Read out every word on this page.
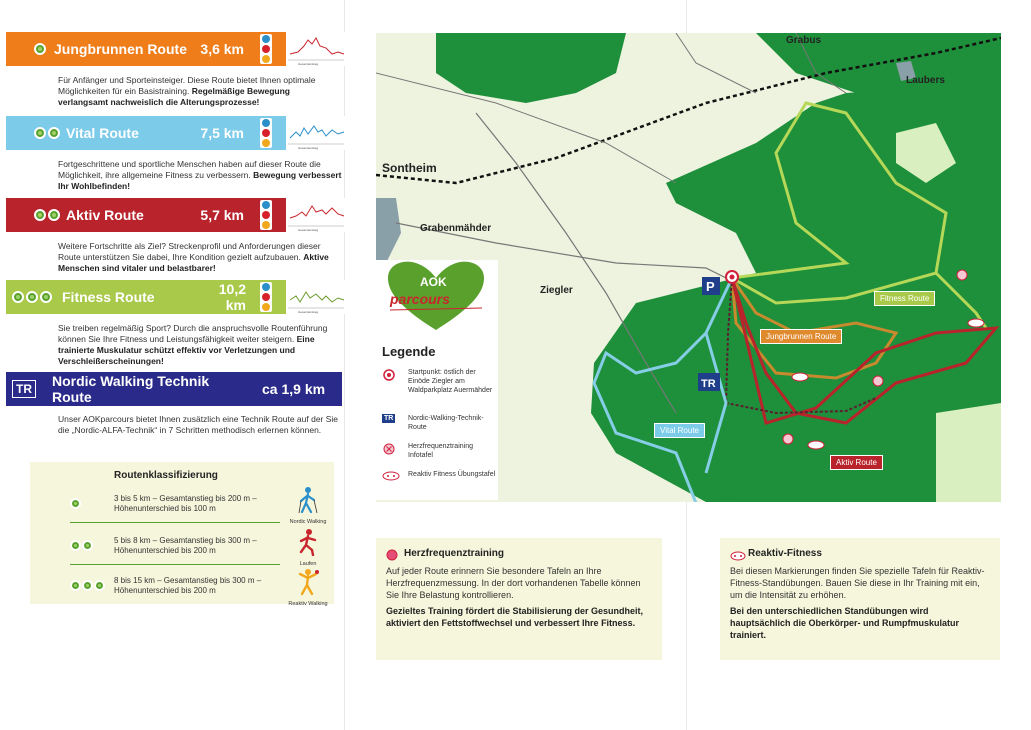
Jungbrunnen Route 3,6 km
Gesamtanstieg
Für Anfänger und Sporteinsteiger. Diese Route bietet Ihnen optimale Möglichkeiten für ein Basistraining. Regelmäßige Bewegung verlangsamt nachweislich die Alterungsprozesse!
Vital Route	7,5 km
Gesamtanstieg
Fortgeschrittene und sportliche Menschen haben auf dieser Route die Möglichkeit, ihre allgemeine Fitness zu verbessern. Bewegung verbessert Ihr Wohlbefinden!
Aktiv Route	5,7 km
Gesamtanstieg
Weitere Fortschritte als Ziel? Streckenprofil und Anforderungen dieser Route unterstützen Sie dabei, Ihre Kondition gezielt aufzubauen. Aktive Menschen sind vitaler und belastbarer!
Fitness Route	10,2 km	Gesamtanstieg
Sie treiben regelmäßig Sport? Durch die anspruchsvolle Routenführung können Sie Ihre Fitness und Leistungsfähigkeit weiter steigern. Eine trainierte Muskulatur schützt effektiv vor Verletzungen und Verschleißerscheinungen!
TR Nordic Walking Technik Route	ca 1,9 km
Unser AOKparcours bietet Ihnen zusätzlich eine Technik Route auf der Sie die „Nordic-ALFA-Technik“ in 7 Schritten methodisch erlernen können.
Routenklassifizierung
3 bis 5 km – Gesamtanstieg bis 200 m – Höhenunterschied bis 100 m
Nordic Walking
5 bis 8 km – Gesamtanstieg bis 300 m – Höhenunterschied bis 200 m
Laufen
8 bis 15 km – Gesamtanstieg bis 300 m – Höhenunterschied bis 200 m
Reaktiv Walking
P
TR
Grabus
Laubers
Sontheim
Grabenmähder
Ziegler
Fitness Route
Jungbrunnen Route
Vital Route
Aktiv Route
AOK
parcours
Legende
Startpunkt: östlich der Einöde Ziegler am Waldparkplatz Auermähder
TR	Nordic-Walking-Technik-Route
Herzfrequenztraining Infotafel
Reaktiv Fitness Übungstafel
Herzfrequenztraining
Auf jeder Route erinnern Sie besondere Tafeln an Ihre Herzfrequenzmessung. In der dort vorhandenen Tabelle können Sie Ihre Belastung kontrollieren.
Gezieltes Training fördert die Stabilisierung der Gesundheit, aktiviert den Fettstoffwechsel und verbessert Ihre Fitness.
Reaktiv-Fitness
Bei diesen Markierungen finden Sie spezielle Tafeln für Reaktiv-Fitness-Standübungen. Bauen Sie diese in Ihr Training mit ein, um die Intensität zu erhöhen.
Bei den unterschiedlichen Standübungen wird hauptsächlich die Oberkörper- und Rumpfmuskulatur trainiert.
